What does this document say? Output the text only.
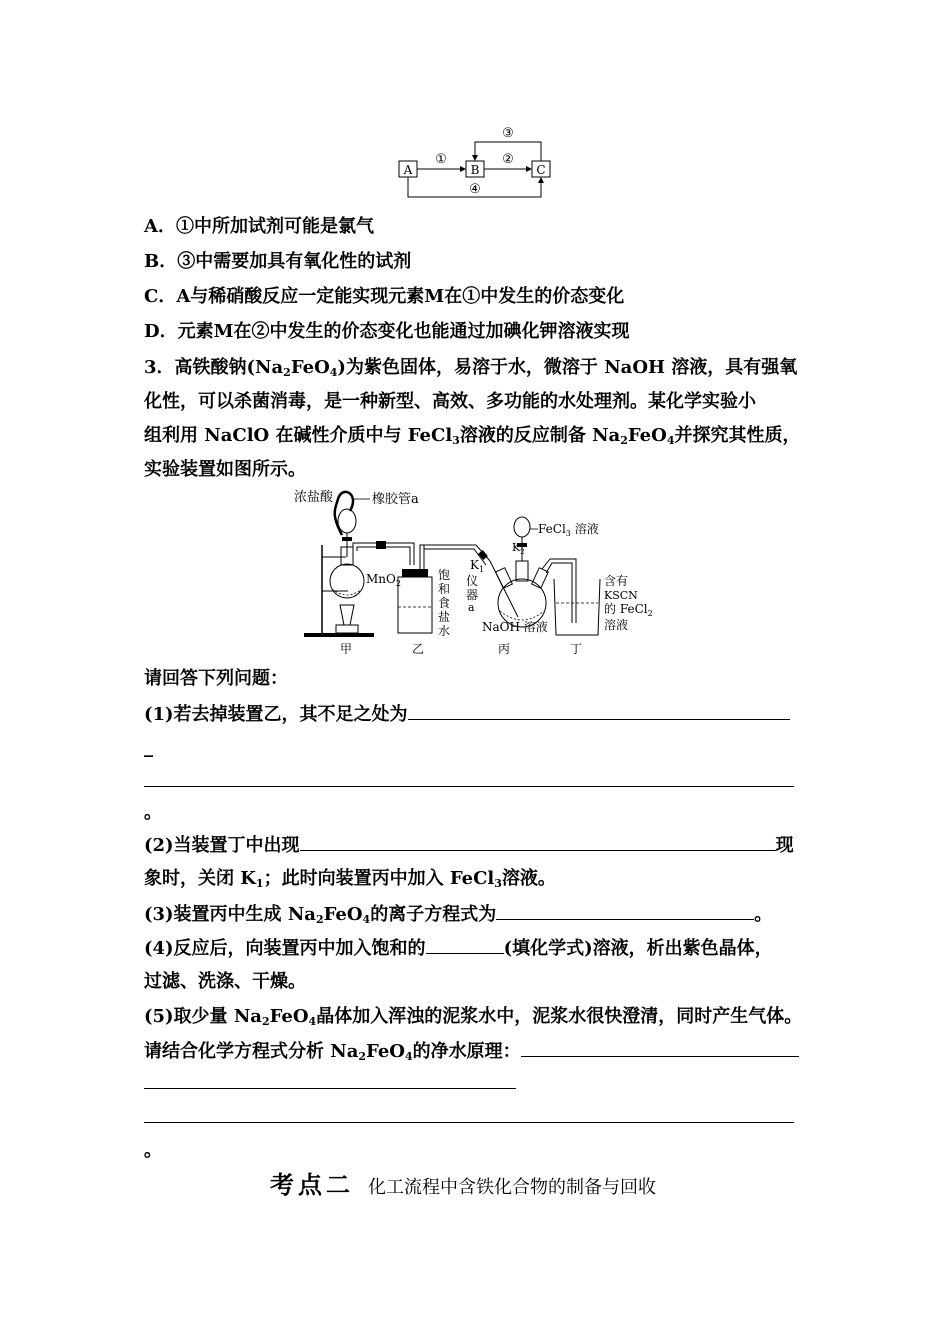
A	B	C
①	②
③
④
A．①中所加试剂可能是氯气
B．③中需要加具有氧化性的试剂
C．A与稀硝酸反应一定能实现元素M在①中发生的价态变化
D．元素M在②中发生的价态变化也能通过加碘化钾溶液实现
3．高铁酸钠$(Na_2FeO_4)$为紫色固体，易溶于水，微溶于 NaOH 溶液，具有强氧
化性，可以杀菌消毒，是一种新型、高效、多功能的水处理剂。某化学实验小
组利用 NaClO 在碱性介质中与 FeCl$_3$溶液的反应制备 $Na_2FeO_4$并探究其性质，
实验装置如图所示。
浓盐酸	橡胶管a
MnO$_2$
饱
和
食
盐
水
$K_1$
仪
器
a
FeCl$_3$ 溶液
$K_2$
NaOH 溶液
含有
KSCN
的 FeCl$_2$
溶液
甲	乙	丙	丁
请回答下列问题：
(1)若去掉装置乙，其不足之处为
_
。
(2)当装置丁中出现	现
象时，关闭 $K_1$；此时向装置丙中加入 FeCl$_3$溶液。
(3)装置丙中生成 $Na_2FeO_4$的离子方程式为	。
(4)反应后，向装置丙中加入饱和的	(填化学式)溶液，析出紫色晶体，
过滤、洗涤、干燥。
(5)取少量 $Na_2FeO_4$晶体加入浑浊的泥浆水中，泥浆水很快澄清，同时产生气体。
请结合化学方程式分析 $Na_2FeO_4$的净水原理：
。
考点二 化工流程中含铁化合物的制备与回收
